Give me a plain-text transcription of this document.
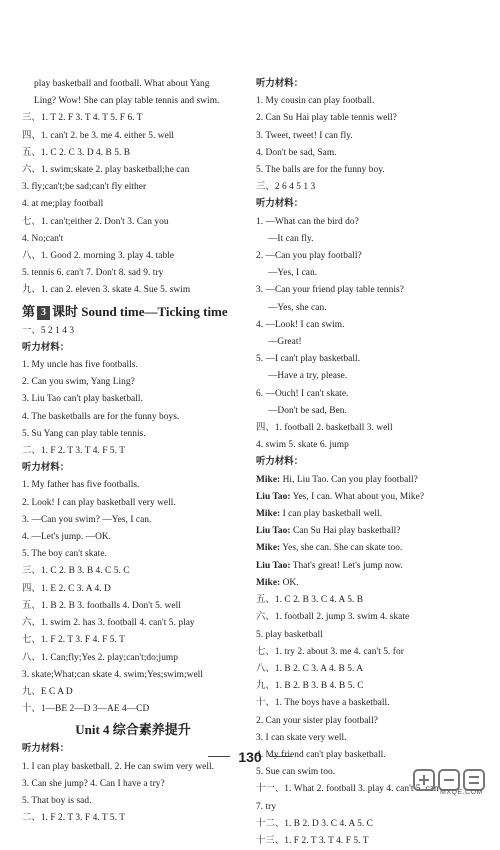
play basketball and football. What about Yang
Ling? Wow! She can play table tennis and swim.
三、1. T 2. F 3. T 4. T 5. F 6. T
四、1. can't 2. be 3. me 4. either 5. well
五、1. C 2. C 3. D 4. B 5. B
六、1. swim;skate 2. play basketball;he can
3. fly;can't;be sad;can't fly either
4. at me;play football
七、1. can't;either 2. Don't 3. Can you
4. No;can't
八、1. Good 2. morning 3. play 4. table
5. tennis 6. can't 7. Don't 8. sad 9. try
九、1. can 2. eleven 3. skate 4. Sue 5. swim
第 3 课时 Sound time—Ticking time
一、5 2 1 4 3
听力材料：
1. My uncle has five footballs.
2. Can you swim, Yang Ling?
3. Liu Tao can't play basketball.
4. The basketballs are for the funny boys.
5. Su Yang can play table tennis.
二、1. F 2. T 3. T 4. F 5. T
听力材料：
1. My father has five footballs.
2. Look! I can play basketball very well.
3. —Can you swim? —Yes, I can.
4. —Let's jump. —OK.
5. The boy can't skate.
三、1. C 2. B 3. B 4. C 5. C
四、1. E 2. C 3. A 4. D
五、1. B 2. B 3. footballs 4. Don't 5. well
六、1. swim 2. has 3. football 4. can't 5. play
七、1. F 2. T 3. F 4. F 5. T
八、1. Can;fly;Yes 2. play;can't;do;jump
3. skate;What;can skate 4. swim;Yes;swim;well
九、E C A D
十、1—BE 2—D 3—AE 4—CD
Unit 4 综合素养提升
听力材料：
1. I can play basketball. 2. He can swim very well.
3. Can she jump? 4. Can I have a try?
5. That boy is sad.
二、1. F 2. T 3. F 4. T 5. T
听力材料：
1. My cousin can play football.
2. Can Su Hai play table tennis well?
3. Tweet, tweet! I can fly.
4. Don't be sad, Sam.
5. The balls are for the funny boy.
三、2 6 4 5 1 3
听力材料：
1. —What can the bird do?
—It can fly.
2. —Can you play football?
—Yes, I can.
3. —Can your friend play table tennis?
—Yes, she can.
4. —Look! I can swim.
—Great!
5. —I can't play basketball.
—Have a try, please.
6. —Ouch! I can't skate.
—Don't be sad, Ben.
四、1. football 2. basketball 3. well
4. swim 5. skate 6. jump
听力材料：
Mike: Hi, Liu Tao. Can you play football?
Liu Tao: Yes, I can. What about you, Mike?
Mike: I can play basketball well.
Liu Tao: Can Su Hai play basketball?
Mike: Yes, she can. She can skate too.
Liu Tao: That's great! Let's jump now.
Mike: OK.
五、1. C 2. B 3. C 4. A 5. B
六、1. football 2. jump 3. swim 4. skate
5. play basketball
七、1. try 2. about 3. me 4. can't 5. for
八、1. B 2. C 3. A 4. B 5. A
九、1. B 2. B 3. B 4. B 5. C
十、1. The boys have a basketball.
2. Can your sister play football?
3. I can skate very well.
4. My friend can't play basketball.
5. Sue can swim too.
十一、1. What 2. football 3. play 4. can't 5. can
7. try
十二、1. B 2. D 3. C 4. A 5. C
十三、1. F 2. T 3. T 4. F 5. T
130
MXQE.COM
